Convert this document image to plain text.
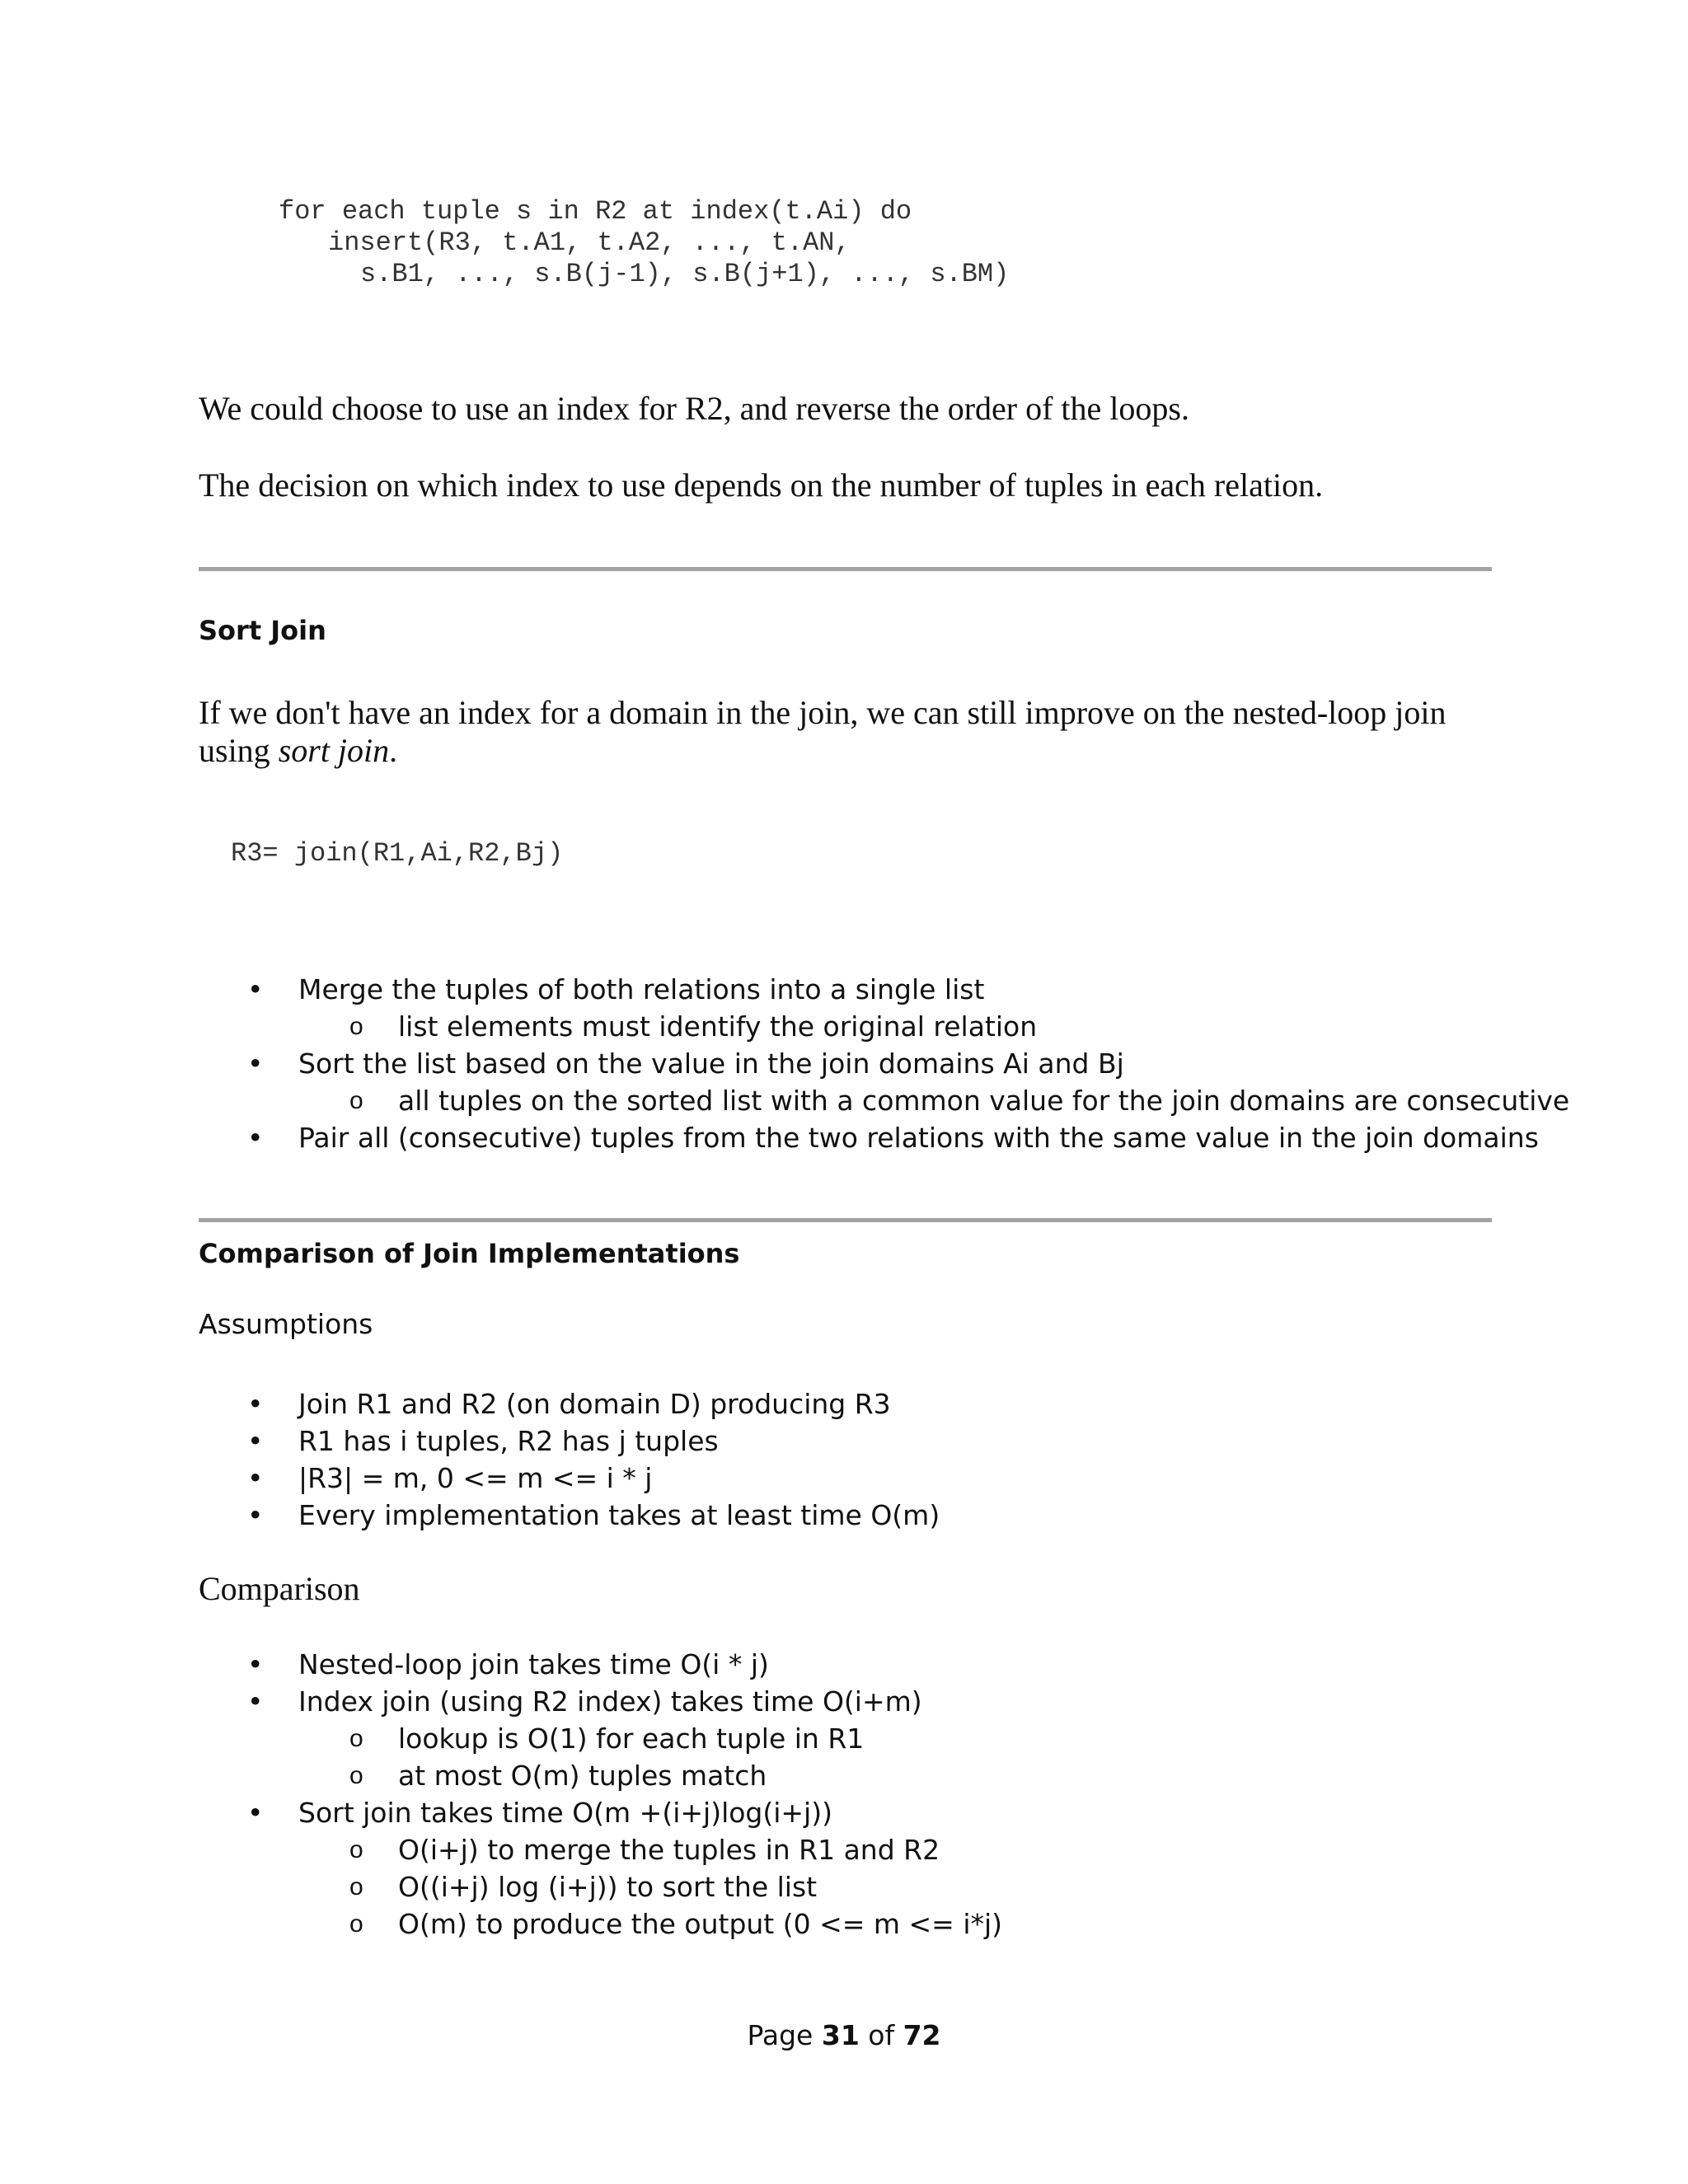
for each tuple s in R2 at index(t.Ai) do
insert(R3, t.A1, t.A2, ..., t.AN,
s.B1, ..., s.B(j-1), s.B(j+1), ..., s.BM)

We could choose to use an index for R2, and reverse the order of the loops.

The decision on which index to use depends on the number of tuples in each relation.

Sort Join

If we don't have an index for a domain in the join, we can still improve on the nested-loop join
using sort join.

R3= join(R1,Ai,R2,Bj)
• Merge the tuples of both relations into a single list
o list elements must identify the original relation
• Sort the list based on the value in the join domains Ai and Bj
o all tuples on the sorted list with a common value for the join domains are consecutive
• Pair all (consecutive) tuples from the two relations with the same value in the join domains
Comparison of Join Implementations

Assumptions

• Join R1 and R2 (on domain D) producing R3
• R1 has i tuples, R2 has j tuples
• |R3| = m, 0 <= m <= i * j
• Every implementation takes at least time O(m)

Comparison

• Nested-loop join takes time O(i * j)
• Index join (using R2 index) takes time O(i+m)
o lookup is O(1) for each tuple in R1
o at most O(m) tuples match
• Sort join takes time O(m +(i+j)log(i+j))
o O(i+j) to merge the tuples in R1 and R2
o O((i+j) log (i+j)) to sort the list
o O(m) to produce the output (0 <= m <= i*j)
Page 31 of 72
